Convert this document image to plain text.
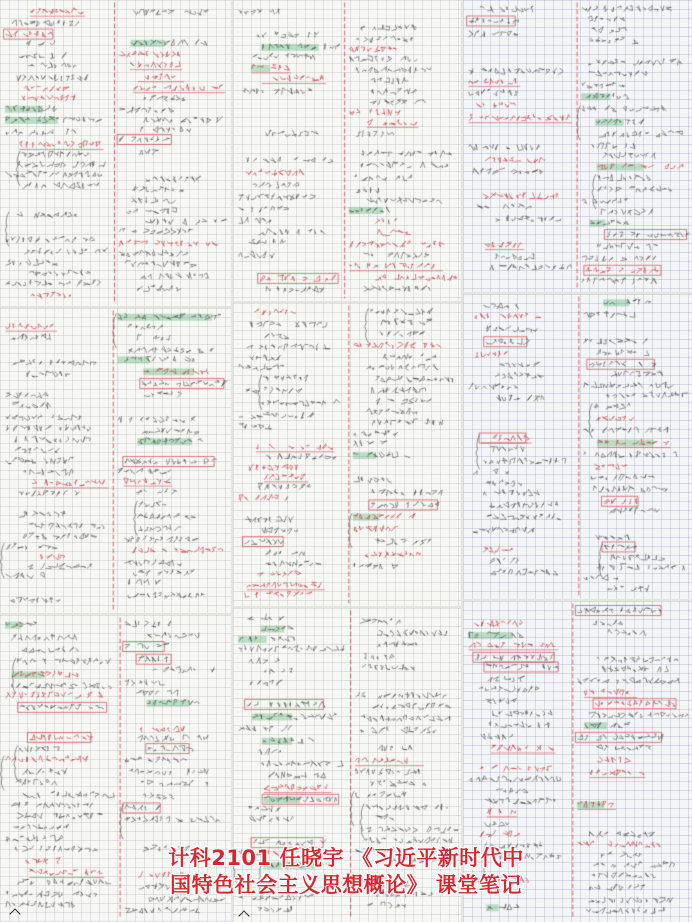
计科2101 任晓宇 《习近平新时代中
国特色社会主义思想概论》 课堂笔记
